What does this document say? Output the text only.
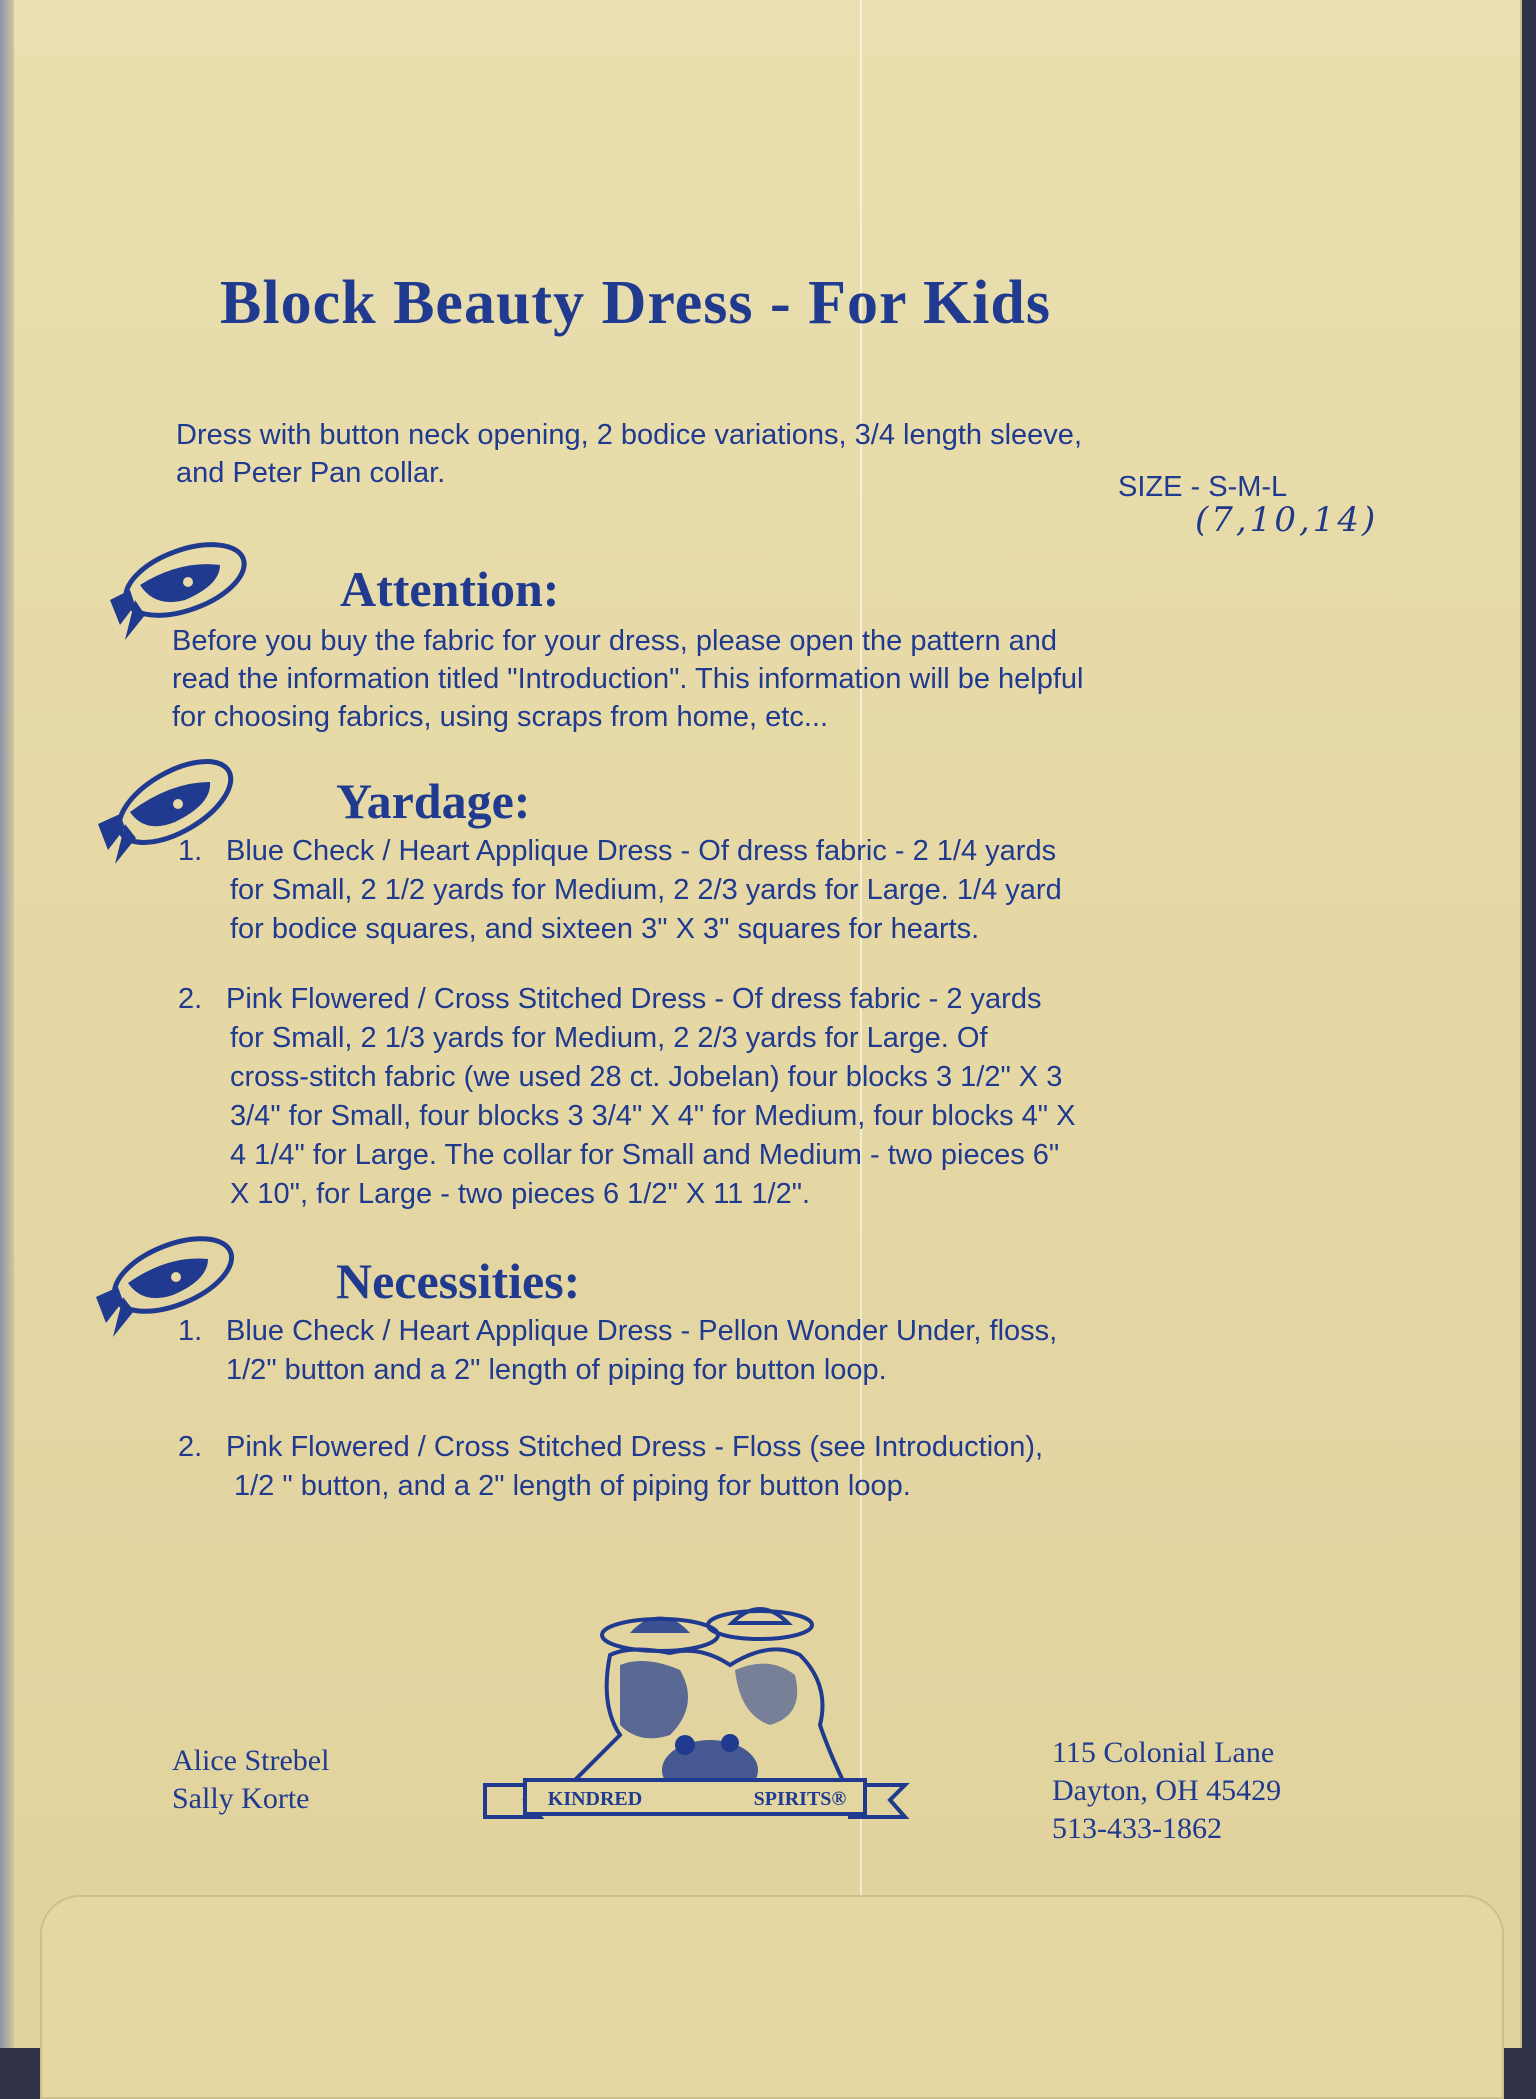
Block Beauty Dress - For Kids
Dress with button neck opening, 2 bodice variations, 3/4 length sleeve,
and Peter Pan collar.	SIZE - S-M-L
(7,10,14)
Attention:
Before you buy the fabric for your dress, please open the pattern and
read the information titled "Introduction". This information will be helpful
for choosing fabrics, using scraps from home, etc...
Yardage:
1. Blue Check / Heart Applique Dress - Of dress fabric - 2 1/4 yards
for Small, 2 1/2 yards for Medium, 2 2/3 yards for Large. 1/4 yard
for bodice squares, and sixteen 3" X 3" squares for hearts.
2. Pink Flowered / Cross Stitched Dress - Of dress fabric - 2 yards
for Small, 2 1/3 yards for Medium, 2 2/3 yards for Large. Of
cross-stitch fabric (we used 28 ct. Jobelan) four blocks 3 1/2" X 3
3/4" for Small, four blocks 3 3/4" X 4" for Medium, four blocks 4" X
4 1/4" for Large. The collar for Small and Medium - two pieces 6"
X 10", for Large - two pieces 6 1/2" X 11 1/2".
Necessities:
1. Blue Check / Heart Applique Dress - Pellon Wonder Under, floss,
1/2" button and a 2" length of piping for button loop.
2. Pink Flowered / Cross Stitched Dress - Floss (see Introduction),
1/2 " button, and a 2" length of piping for button loop.
Alice Strebel
Sally Korte	KINDRED	SPIRITS®
115 Colonial Lane
Dayton, OH 45429
513-433-1862
